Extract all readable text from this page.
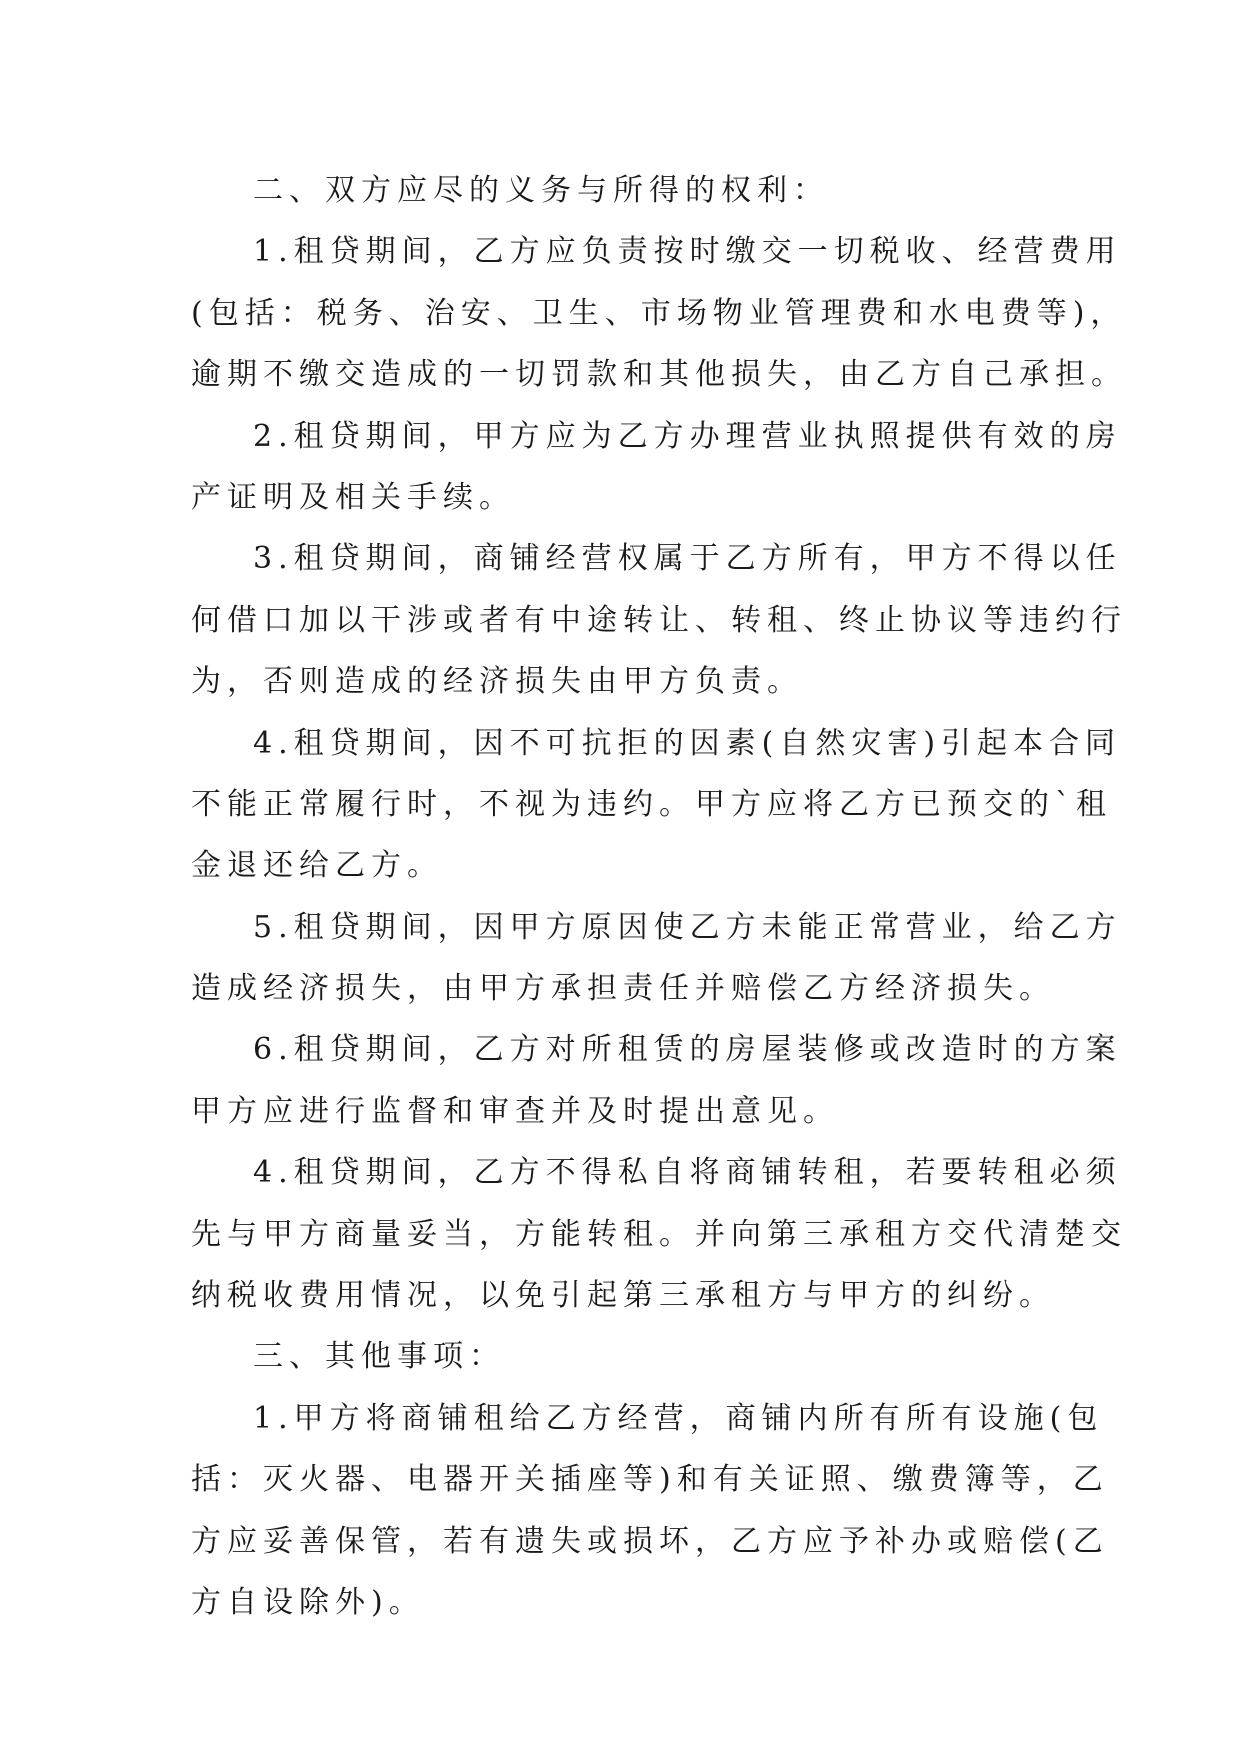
二、双方应尽的义务与所得的权利：
1.租贷期间，乙方应负责按时缴交一切税收、经营费用
(包括：税务、治安、卫生、市场物业管理费和水电费等)，
逾期不缴交造成的一切罚款和其他损失，由乙方自己承担。
2.租贷期间，甲方应为乙方办理营业执照提供有效的房
产证明及相关手续。
3.租贷期间，商铺经营权属于乙方所有，甲方不得以任
何借口加以干涉或者有中途转让、转租、终止协议等违约行
为，否则造成的经济损失由甲方负责。
4.租贷期间，因不可抗拒的因素(自然灾害)引起本合同
不能正常履行时，不视为违约。甲方应将乙方已预交的`租
金退还给乙方。
5.租贷期间，因甲方原因使乙方未能正常营业，给乙方
造成经济损失，由甲方承担责任并赔偿乙方经济损失。
6.租贷期间，乙方对所租赁的房屋装修或改造时的方案
甲方应进行监督和审查并及时提出意见。
4.租贷期间，乙方不得私自将商铺转租，若要转租必须
先与甲方商量妥当，方能转租。并向第三承租方交代清楚交
纳税收费用情况，以免引起第三承租方与甲方的纠纷。
三、其他事项：
1.甲方将商铺租给乙方经营，商铺内所有所有设施(包
括：灭火器、电器开关插座等)和有关证照、缴费簿等，乙
方应妥善保管，若有遗失或损坏，乙方应予补办或赔偿(乙
方自设除外)。
